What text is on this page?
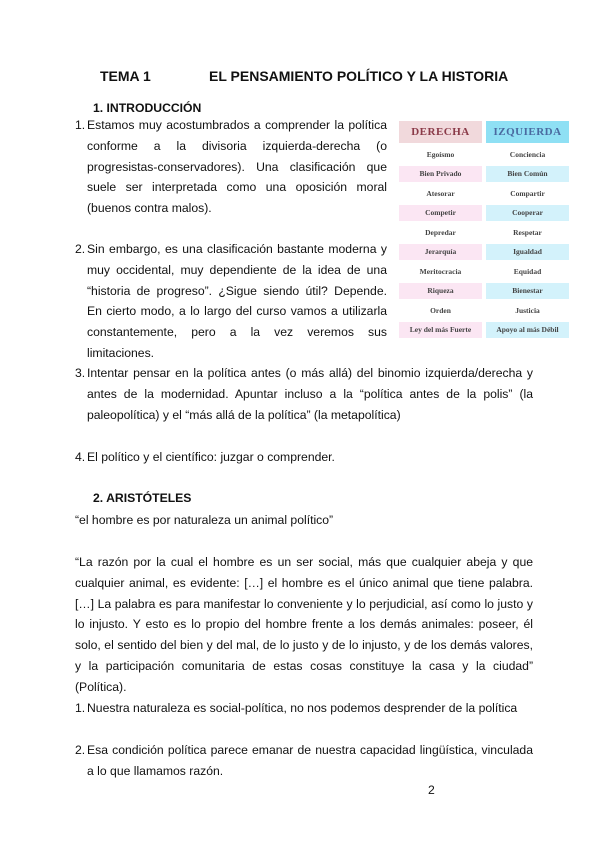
TEMA 1	EL PENSAMIENTO POLÍTICO Y LA HISTORIA
1. INTRODUCCIÓN
1. Estamos muy acostumbrados a comprender la política conforme a la divisoria izquierda-derecha (o progresistas-conservadores). Una clasificación que suele ser interpretada como una oposición moral (buenos contra malos).
2. Sin embargo, es una clasificación bastante moderna y muy occidental, muy dependiente de la idea de una “historia de progreso”. ¿Sigue siendo útil? Depende. En cierto modo, a lo largo del curso vamos a utilizarla constantemente, pero a la vez veremos sus limitaciones.
3. Intentar pensar en la política antes (o más allá) del binomio izquierda/derecha y antes de la modernidad. Apuntar incluso a la “política antes de la polis” (la paleopolítica) y el “más allá de la política” (la metapolítica)
4. El político y el científico: juzgar o comprender.
DERECHA	IZQUIERDA
Egoísmo	Conciencia
Bien Privado	Bien Común
Atesorar	Compartir
Competir	Cooperar
Depredar	Respetar
Jerarquía	Igualdad
Meritocracia	Equidad
Riqueza	Bienestar
Orden	Justicia
Ley del más Fuerte	Apoyo al más Débil
2. ARISTÓTELES
“el hombre es por naturaleza un animal político”
“La razón por la cual el hombre es un ser social, más que cualquier abeja y que cualquier animal, es evidente: […] el hombre es el único animal que tiene palabra. […] La palabra es para manifestar lo conveniente y lo perjudicial, así como lo justo y lo injusto. Y esto es lo propio del hombre frente a los demás animales: poseer, él solo, el sentido del bien y del mal, de lo justo y de lo injusto, y de los demás valores, y la participación comunitaria de estas cosas constituye la casa y la ciudad” (Política).
1. Nuestra naturaleza es social-política, no nos podemos desprender de la política
2. Esa condición política parece emanar de nuestra capacidad lingüística, vinculada a lo que llamamos razón.
2
